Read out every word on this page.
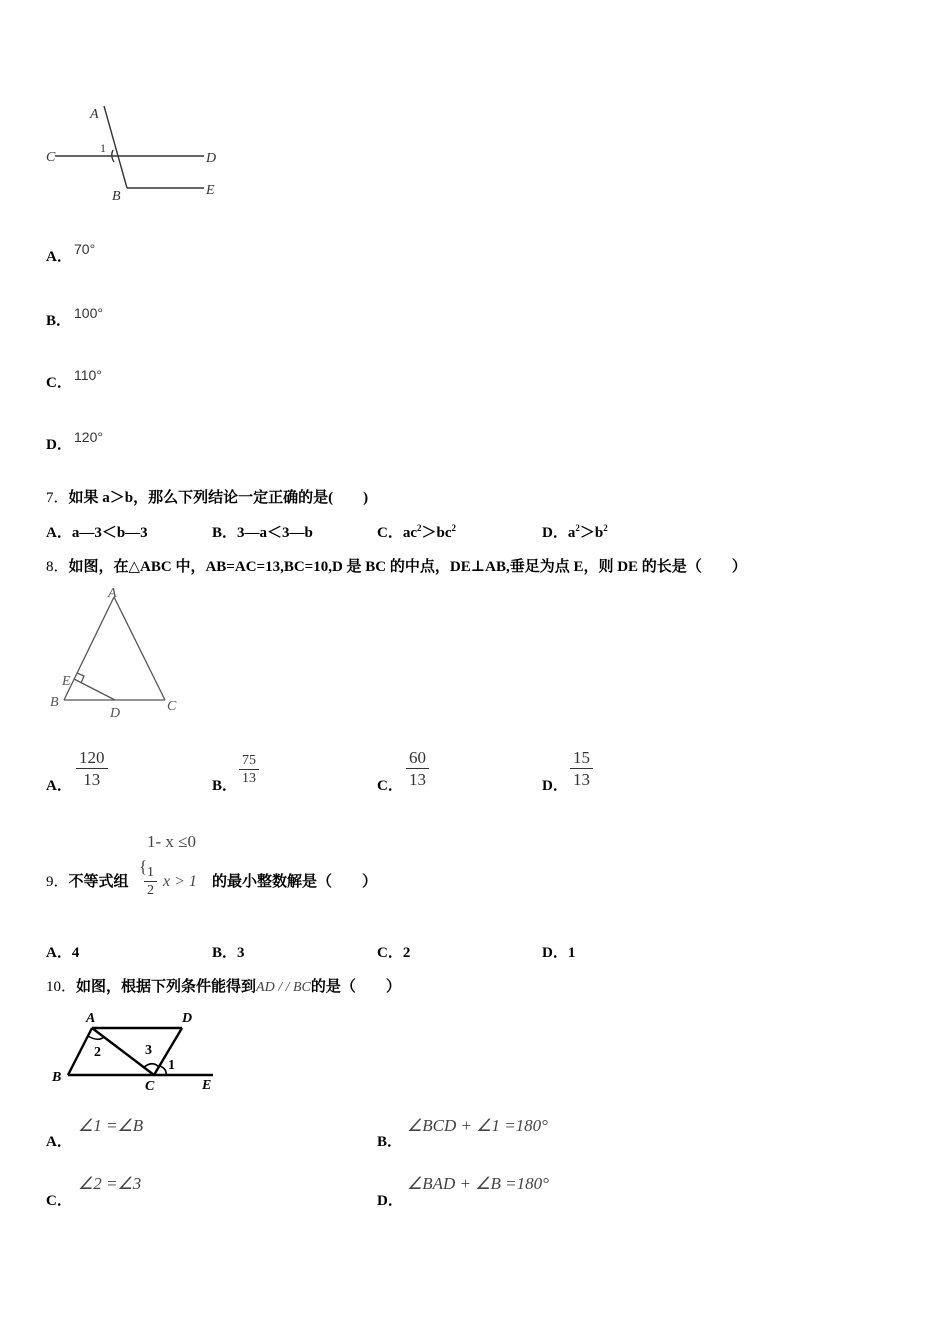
A
C
1
D
B	E
A． 70°
B． 100°
C． 110°
D． 120°
7．如果 a＞b，那么下列结论一定正确的是(　　)
A．a—3＜b—3	B．3—a＜3—b	C．$ac^2>bc^2$	D．$a^2>b^2$
8．如图，在△ABC 中，AB=AC=13,BC=10,D 是 BC 的中点，DE⊥AB,垂足为点 E，则 DE 的长是（　　）
A
E
B
D	C
A． $\frac{120}{13}$	B． $\frac{75}{13}$	C． $\frac{60}{13}$	D． $\frac{15}{13}$
1- x ≤0
9．不等式组
{
$\frac{1}{2}$ x > 1 的最小整数解是（　　）
A．4	B．3	C．2	D．1
10．如图，根据下列条件能得到AD / / BC的是（　　）
A	D
2	3
1
B
C	E
A．
∠1 =∠B
B．
∠BCD + ∠1 =180°
C．
∠2 =∠3
D．
∠BAD + ∠B =180°
